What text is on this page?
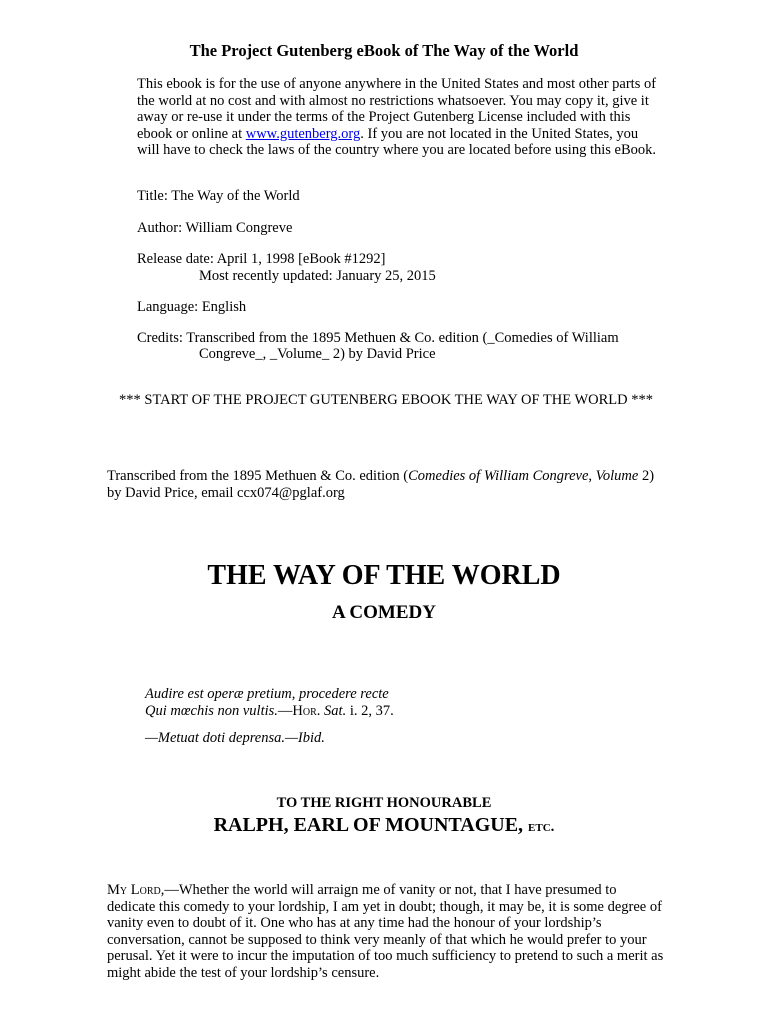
The Project Gutenberg eBook of The Way of the World

This ebook is for the use of anyone anywhere in the United States and most other parts of the world at no cost and with almost no restrictions whatsoever. You may copy it, give it away or re-use it under the terms of the Project Gutenberg License included with this ebook or online at www.gutenberg.org. If you are not located in the United States, you will have to check the laws of the country where you are located before using this eBook.

Title: The Way of the World

Author: William Congreve

Release date: April 1, 1998 [eBook #1292]

Most recently updated: January 25, 2015

Language: English

Credits: Transcribed from the 1895 Methuen & Co. edition (_Comedies of William

Congreve_, _Volume_ 2) by David Price

*** START OF THE PROJECT GUTENBERG EBOOK THE WAY OF THE WORLD ***

Transcribed from the 1895 Methuen & Co. edition (Comedies of William Congreve, Volume 2) by David Price, email ccx074@pglaf.org

THE WAY OF THE WORLD
A COMEDY

Audire est operæ pretium, procedere recte

Qui mœchis non vultis.—Hor. Sat. i. 2, 37.

—Metuat doti deprensa.—Ibid.

TO THE RIGHT HONOURABLE

RALPH, EARL OF MOUNTAGUE, etc.

My Lord,—Whether the world will arraign me of vanity or not, that I have presumed to dedicate this comedy to your lordship, I am yet in doubt; though, it may be, it is some degree of vanity even to doubt of it. One who has at any time had the honour of your lordship’s conversation, cannot be supposed to think very meanly of that which he would prefer to your perusal. Yet it were to incur the imputation of too much sufficiency to pretend to such a merit as might abide the test of your lordship’s censure.
